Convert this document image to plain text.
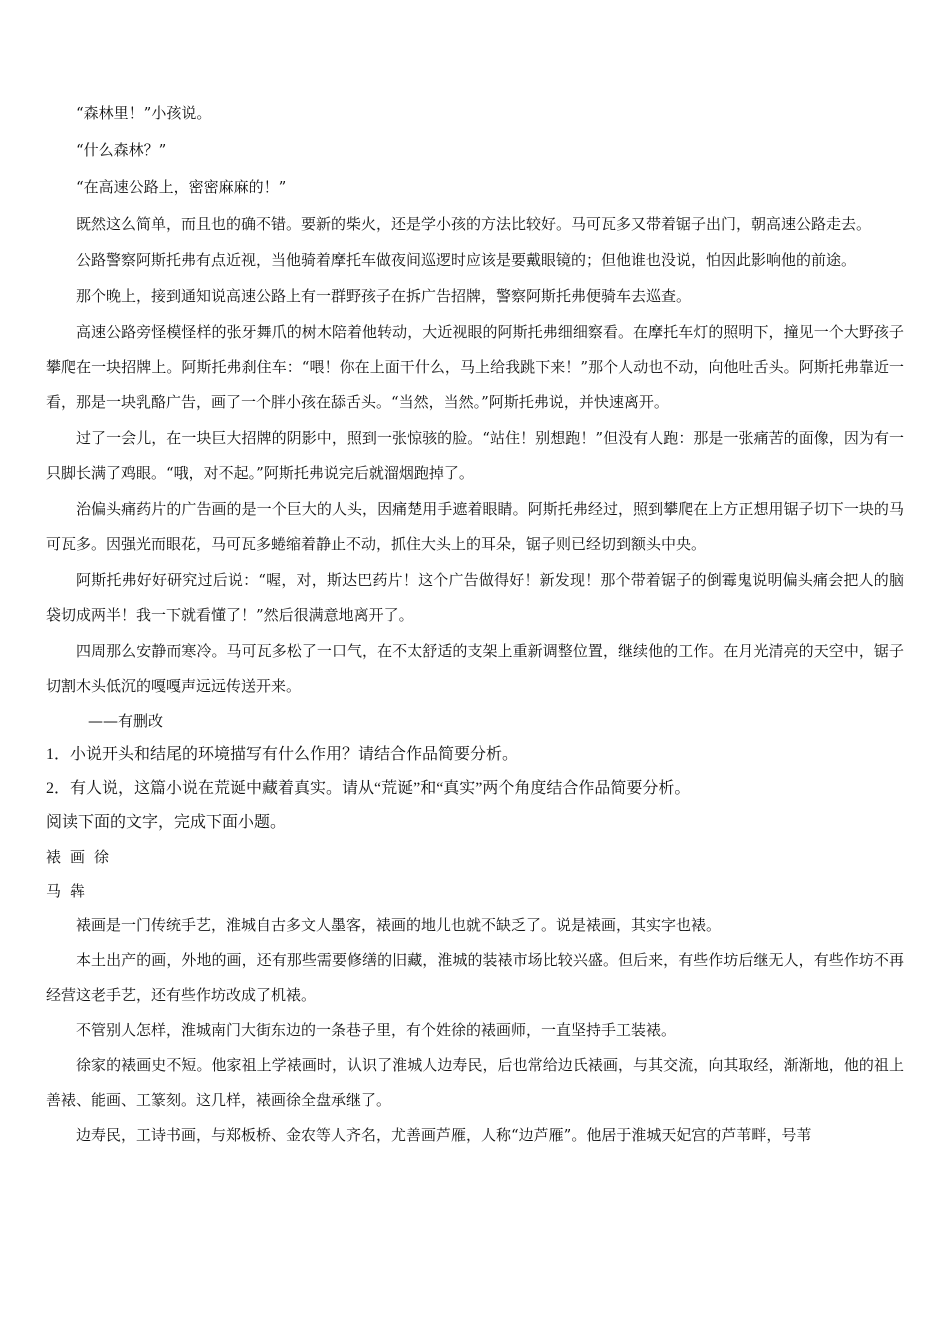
“森林里！”小孩说。

“什么森林？”

“在高速公路上，密密麻麻的！”

既然这么简单，而且也的确不错。要新的柴火，还是学小孩的方法比较好。马可瓦多又带着锯子出门，朝高速公路走去。

公路警察阿斯托弗有点近视，当他骑着摩托车做夜间巡逻时应该是要戴眼镜的；但他谁也没说，怕因此影响他的前途。

那个晚上，接到通知说高速公路上有一群野孩子在拆广告招牌，警察阿斯托弗便骑车去巡查。

高速公路旁怪模怪样的张牙舞爪的树木陪着他转动，大近视眼的阿斯托弗细细察看。在摩托车灯的照明下，撞见一个大野孩子攀爬在一块招牌上。阿斯托弗刹住车：“喂！你在上面干什么，马上给我跳下来！”那个人动也不动，向他吐舌头。阿斯托弗靠近一看，那是一块乳酪广告，画了一个胖小孩在舔舌头。“当然，当然。”阿斯托弗说，并快速离开。

过了一会儿，在一块巨大招牌的阴影中，照到一张惊骇的脸。“站住！别想跑！”但没有人跑：那是一张痛苦的面像，因为有一只脚长满了鸡眼。“哦，对不起。”阿斯托弗说完后就溜烟跑掉了。

治偏头痛药片的广告画的是一个巨大的人头，因痛楚用手遮着眼睛。阿斯托弗经过，照到攀爬在上方正想用锯子切下一块的马可瓦多。因强光而眼花，马可瓦多蜷缩着静止不动，抓住大头上的耳朵，锯子则已经切到额头中央。

阿斯托弗好好研究过后说：“喔，对，斯达巴药片！这个广告做得好！新发现！那个带着锯子的倒霉鬼说明偏头痛会把人的脑袋切成两半！我一下就看懂了！”然后很满意地离开了。

四周那么安静而寒冷。马可瓦多松了一口气，在不太舒适的支架上重新调整位置，继续他的工作。在月光清亮的天空中，锯子切割木头低沉的嘎嘎声远远传送开来。

——有删改

1．小说开头和结尾的环境描写有什么作用？请结合作品简要分析。

2．有人说，这篇小说在荒诞中藏着真实。请从“荒诞”和“真实”两个角度结合作品简要分析。

阅读下面的文字，完成下面小题。

裱画徐

马犇

裱画是一门传统手艺，淮城自古多文人墨客，裱画的地儿也就不缺乏了。说是裱画，其实字也裱。

本土出产的画，外地的画，还有那些需要修缮的旧藏，淮城的装裱市场比较兴盛。但后来，有些作坊后继无人，有些作坊不再经营这老手艺，还有些作坊改成了机裱。

不管别人怎样，淮城南门大街东边的一条巷子里，有个姓徐的裱画师，一直坚持手工装裱。

徐家的裱画史不短。他家祖上学裱画时，认识了淮城人边寿民，后也常给边氏裱画，与其交流，向其取经，渐渐地，他的祖上善裱、能画、工篆刻。这几样，裱画徐全盘承继了。

边寿民，工诗书画，与郑板桥、金农等人齐名，尤善画芦雁，人称“边芦雁”。他居于淮城天妃宫的芦苇畔，号苇
